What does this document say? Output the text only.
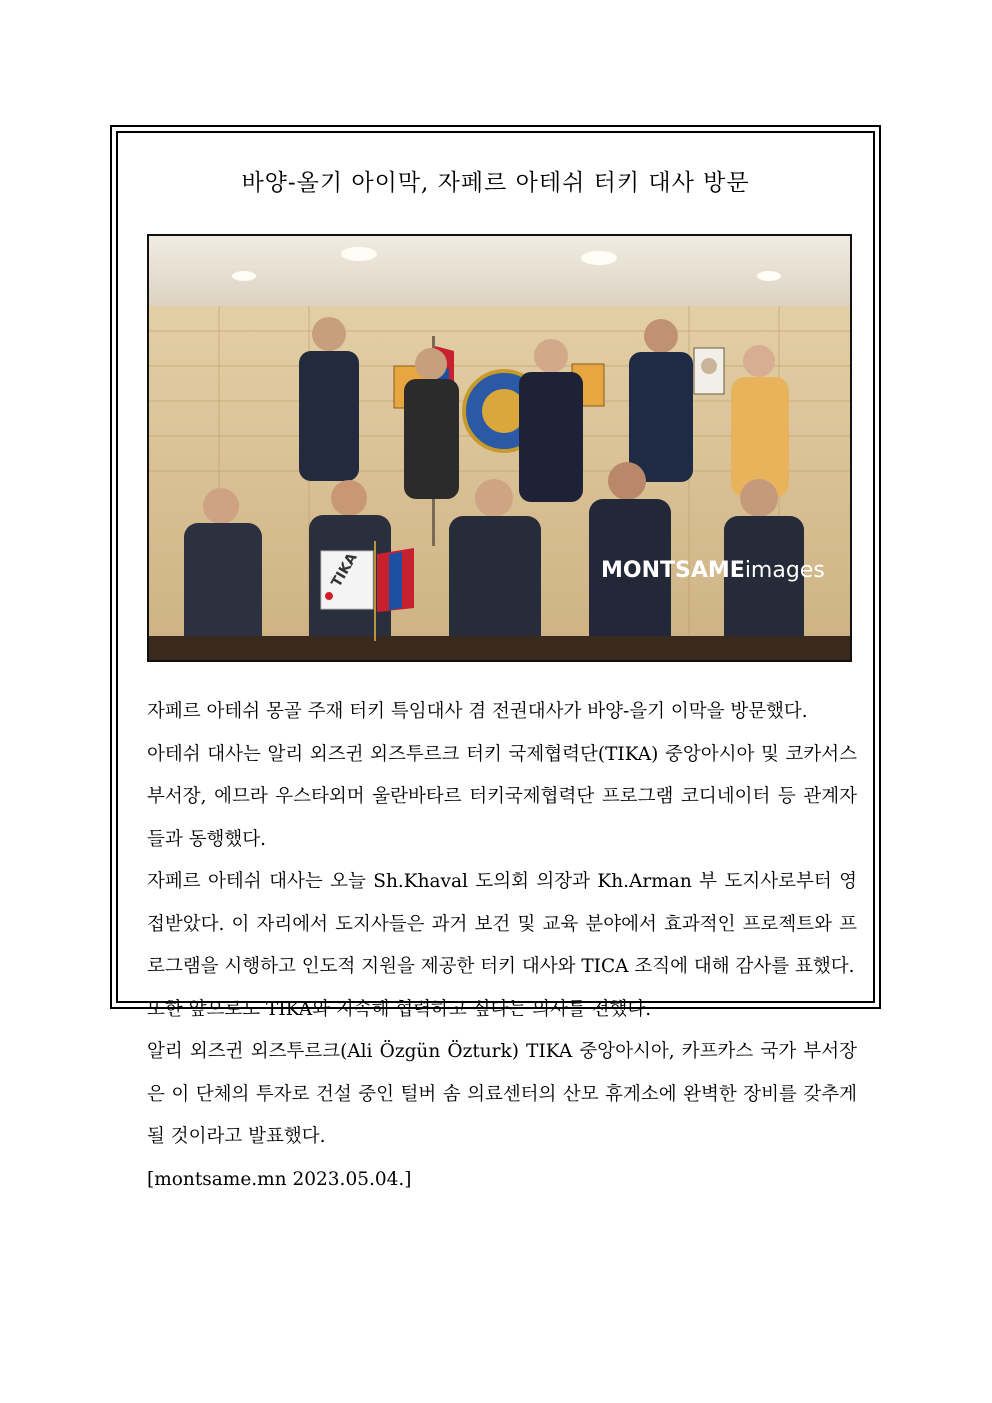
바양-올기 아이막, 자페르 아테쉬 터키 대사 방문
TIKA	MONTSAMEimages

자페르 아테쉬 몽골 주재 터키 특임대사 겸 전권대사가 바양-을기 이막을 방문했다.

아테쉬 대사는 알리 외즈귄 외즈투르크 터키 국제협력단(TIKA) 중앙아시아 및 코카서스 부서장, 에므라 우스타외머 울란바타르 터키국제협력단 프로그램 코디네이터 등 관계자들과 동행했다.

자페르 아테쉬 대사는 오늘 Sh.Khaval 도의회 의장과 Kh.Arman 부 도지사로부터 영접받았다. 이 자리에서 도지사들은 과거 보건 및 교육 분야에서 효과적인 프로젝트와 프로그램을 시행하고 인도적 지원을 제공한 터키 대사와 TICA 조직에 대해 감사를 표했다.

또한 앞으로도 TIKA와 지속해 협력하고 싶다는 의사를 전했다.

알리 외즈귄 외즈투르크(Ali Özgün Özturk) TIKA 중앙아시아, 카프카스 국가 부서장은 이 단체의 투자로 건설 중인 털버 솜 의료센터의 산모 휴게소에 완벽한 장비를 갖추게 될 것이라고 발표했다.

[montsame.mn 2023.05.04.]
